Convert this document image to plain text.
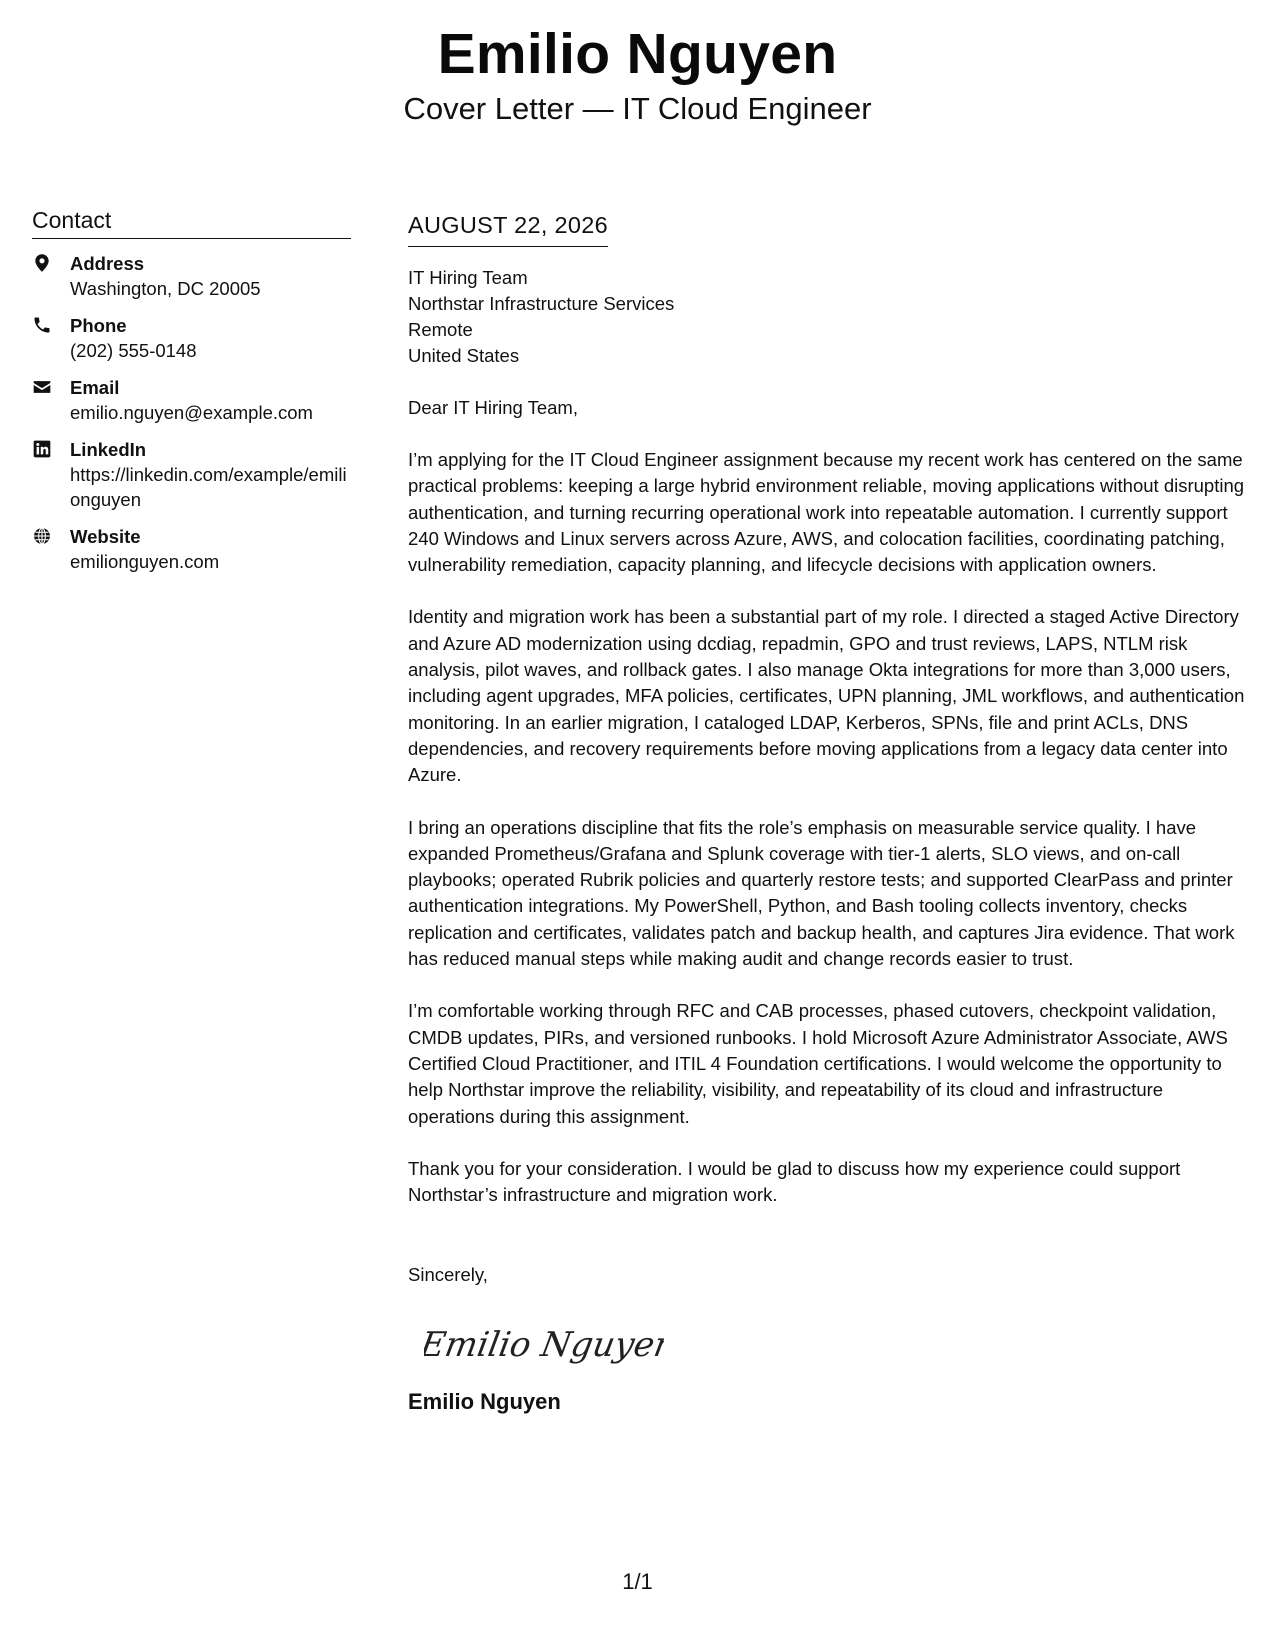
Emilio Nguyen
Cover Letter — IT Cloud Engineer
Contact
Address
Washington, DC 20005
Phone
(202) 555-0148
Email
emilio.nguyen@example.com
LinkedIn
https://linkedin.com/example/emilionguyen
Website
emilionguyen.com
AUGUST 22, 2026
IT Hiring Team
Northstar Infrastructure Services
Remote
United States
Dear IT Hiring Team,
I’m applying for the IT Cloud Engineer assignment because my recent work has centered on the same practical problems: keeping a large hybrid environment reliable, moving applications without disrupting authentication, and turning recurring operational work into repeatable automation. I currently support 240 Windows and Linux servers across Azure, AWS, and colocation facilities, coordinating patching, vulnerability remediation, capacity planning, and lifecycle decisions with application owners.
Identity and migration work has been a substantial part of my role. I directed a staged Active Directory and Azure AD modernization using dcdiag, repadmin, GPO and trust reviews, LAPS, NTLM risk analysis, pilot waves, and rollback gates. I also manage Okta integrations for more than 3,000 users, including agent upgrades, MFA policies, certificates, UPN planning, JML workflows, and authentication monitoring. In an earlier migration, I cataloged LDAP, Kerberos, SPNs, file and print ACLs, DNS dependencies, and recovery requirements before moving applications from a legacy data center into Azure.
I bring an operations discipline that fits the role’s emphasis on measurable service quality. I have expanded Prometheus/Grafana and Splunk coverage with tier-1 alerts, SLO views, and on-call playbooks; operated Rubrik policies and quarterly restore tests; and supported ClearPass and printer authentication integrations. My PowerShell, Python, and Bash tooling collects inventory, checks replication and certificates, validates patch and backup health, and captures Jira evidence. That work has reduced manual steps while making audit and change records easier to trust.
I’m comfortable working through RFC and CAB processes, phased cutovers, checkpoint validation, CMDB updates, PIRs, and versioned runbooks. I hold Microsoft Azure Administrator Associate, AWS Certified Cloud Practitioner, and ITIL 4 Foundation certifications. I would welcome the opportunity to help Northstar improve the reliability, visibility, and repeatability of its cloud and infrastructure operations during this assignment.
Thank you for your consideration. I would be glad to discuss how my experience could support Northstar’s infrastructure and migration work.
Sincerely,
Emilio Nguyen
Emilio Nguyen
1/1
